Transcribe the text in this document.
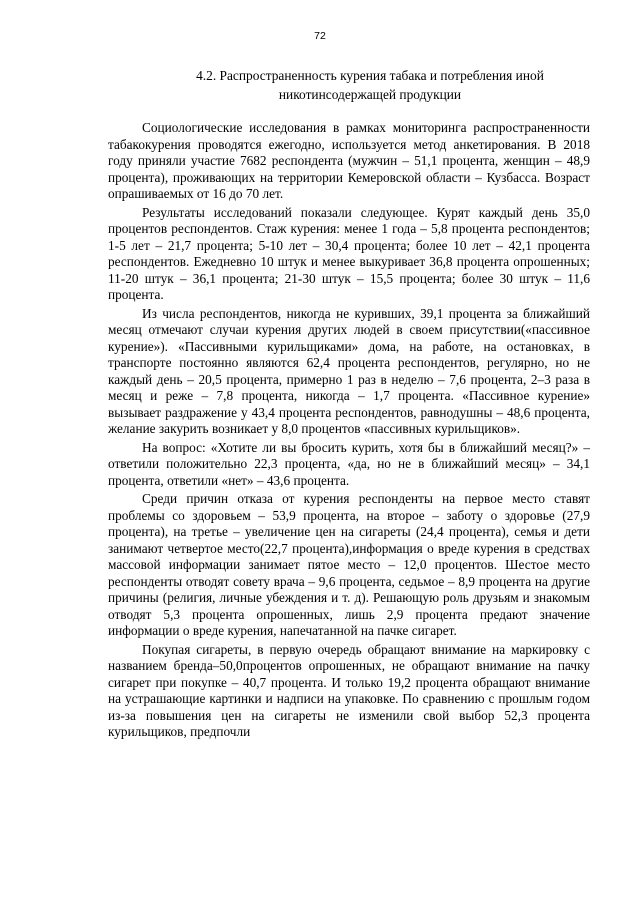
72
4.2. Распространенность курения табака и потребления иной никотинсодержащей продукции

Социологические исследования в рамках мониторинга распространенности табакокурения проводятся ежегодно, используется метод анкетирования. В 2018 году приняли участие 7682 респондента (мужчин – 51,1 процента, женщин – 48,9 процента), проживающих на территории Кемеровской области – Кузбасса. Возраст опрашиваемых от 16 до 70 лет.

Результаты исследований показали следующее. Курят каждый день 35,0 процентов респондентов. Стаж курения: менее 1 года – 5,8 процента респондентов; 1-5 лет – 21,7 процента; 5-10 лет – 30,4 процента; более 10 лет – 42,1 процента респондентов. Ежедневно 10 штук и менее выкуривает 36,8 процента опрошенных; 11-20 штук – 36,1 процента; 21-30 штук – 15,5 процента; более 30 штук – 11,6 процента.

Из числа респондентов, никогда не куривших, 39,1 процента за ближайший месяц отмечают случаи курения других людей в своем присутствии(«пассивное курение»). «Пассивными курильщиками» дома, на работе, на остановках, в транспорте постоянно являются 62,4 процента респондентов, регулярно, но не каждый день – 20,5 процента, примерно 1 раз в неделю – 7,6 процента, 2–3 раза в месяц и реже – 7,8 процента, никогда – 1,7 процента. «Пассивное курение» вызывает раздражение у 43,4 процента респондентов, равнодушны – 48,6 процента, желание закурить возникает у 8,0 процентов «пассивных курильщиков».

На вопрос: «Хотите ли вы бросить курить, хотя бы в ближайший месяц?» – ответили положительно 22,3 процента, «да, но не в ближайший месяц» – 34,1 процента, ответили «нет» – 43,6 процента.

Среди причин отказа от курения респонденты на первое место ставят проблемы со здоровьем – 53,9 процента, на второе – заботу о здоровье (27,9 процента), на третье – увеличение цен на сигареты (24,4 процента), семья и дети занимают четвертое место(22,7 процента),информация о вреде курения в средствах массовой информации занимает пятое место – 12,0 процентов. Шестое место респонденты отводят совету врача – 9,6 процента, седьмое – 8,9 процента на другие причины (религия, личные убеждения и т. д). Решающую роль друзьям и знакомым отводят 5,3 процента опрошенных, лишь 2,9 процента предают значение информации о вреде курения, напечатанной на пачке сигарет.

Покупая сигареты, в первую очередь обращают внимание на маркировку с названием бренда–50,0процентов опрошенных, не обращают внимание на пачку сигарет при покупке – 40,7 процента. И только 19,2 процента обращают внимание на устрашающие картинки и надписи на упаковке. По сравнению с прошлым годом из-за повышения цен на сигареты не изменили свой выбор 52,3 процента курильщиков, предпочли
